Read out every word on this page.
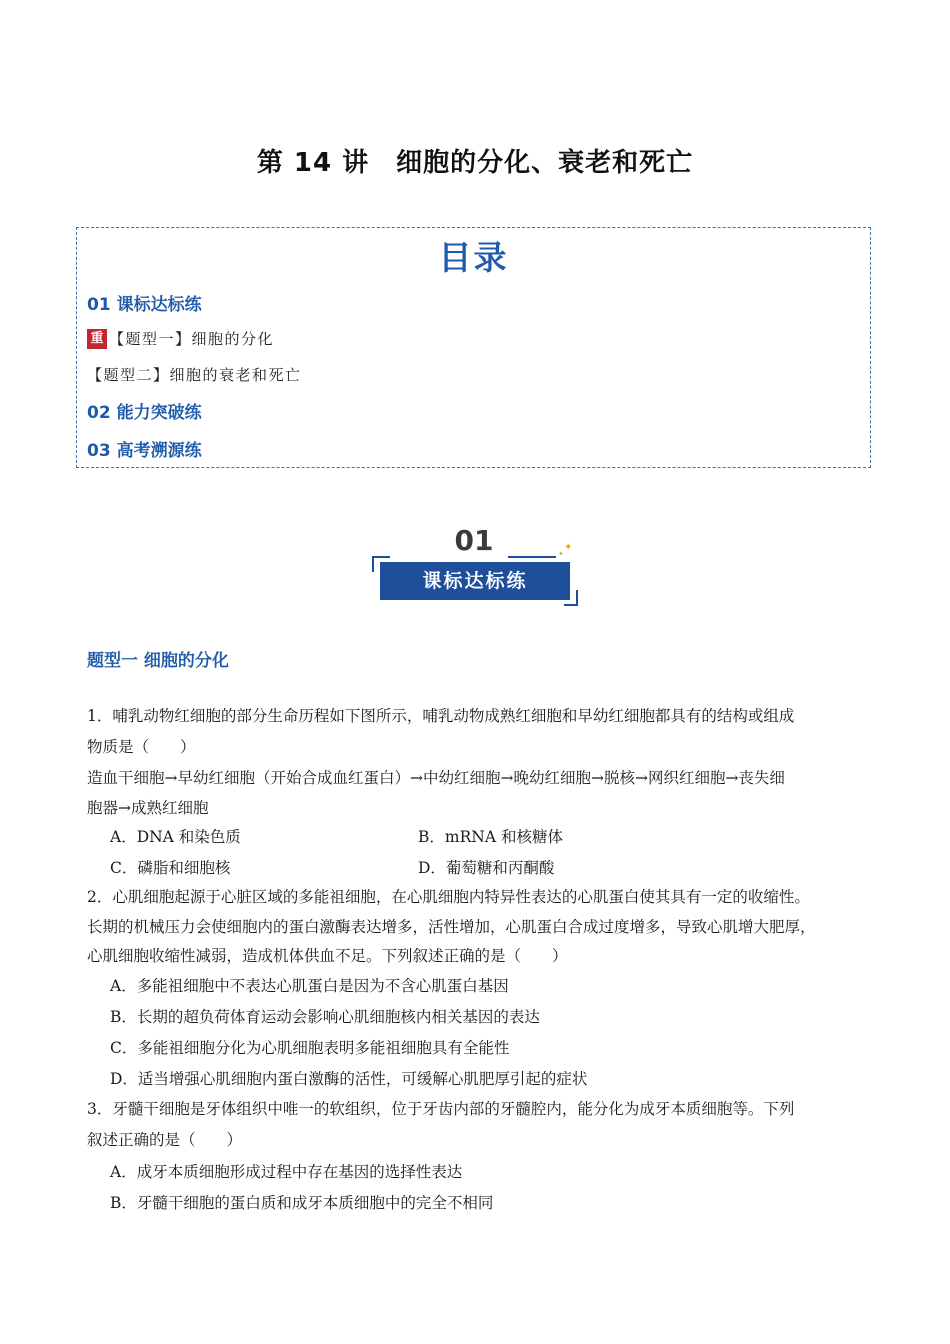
第 14 讲　细胞的分化、衰老和死亡
目录
01 课标达标练
重 【题型一】细胞的分化
【题型二】细胞的衰老和死亡
02 能力突破练
03 高考溯源练
01
课标达标练
✦
✦
题型一 细胞的分化
1．哺乳动物红细胞的部分生命历程如下图所示，哺乳动物成熟红细胞和早幼红细胞都具有的结构或组成
物质是（　　）
造血干细胞→早幼红细胞（开始合成血红蛋白）→中幼红细胞→晚幼红细胞→脱核→网织红细胞→丧失细
胞器→成熟红细胞
A．DNA 和染色质	B．mRNA 和核糖体
C．磷脂和细胞核	D．葡萄糖和丙酮酸
2．心肌细胞起源于心脏区域的多能祖细胞，在心肌细胞内特异性表达的心肌蛋白使其具有一定的收缩性。
长期的机械压力会使细胞内的蛋白激酶表达增多，活性增加，心肌蛋白合成过度增多，导致心肌增大肥厚，
心肌细胞收缩性减弱，造成机体供血不足。下列叙述正确的是（　　）
A．多能祖细胞中不表达心肌蛋白是因为不含心肌蛋白基因
B．长期的超负荷体育运动会影响心肌细胞核内相关基因的表达
C．多能祖细胞分化为心肌细胞表明多能祖细胞具有全能性
D．适当增强心肌细胞内蛋白激酶的活性，可缓解心肌肥厚引起的症状
3．牙髓干细胞是牙体组织中唯一的软组织，位于牙齿内部的牙髓腔内，能分化为成牙本质细胞等。下列
叙述正确的是（　　）
A．成牙本质细胞形成过程中存在基因的选择性表达
B．牙髓干细胞的蛋白质和成牙本质细胞中的完全不相同
